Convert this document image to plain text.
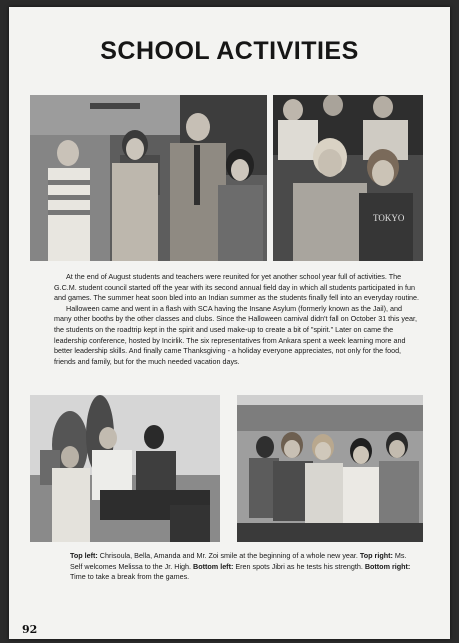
SCHOOL ACTIVITIES
TOKYO

At the end of August students and teachers were reunited for yet another school year full of activities. The G.C.M. student council started off the year with its second annual field day in which all students participated in fun and games. The summer heat soon bled into an Indian summer as the students finally fell into an everyday routine.

Halloween came and went in a flash with SCA having the Insane Asylum (formerly known as the Jail), and many other booths by the other classes and clubs. Since the Halloween carnival didn't fall on October 31 this year, the students on the roadtrip kept in the spirit and used make-up to create a bit of "spirit." Later on came the leadership conference, hosted by Incirlik. The six representatives from Ankara spent a week learning more and better leadership skills. And finally came Thanksgiving - a holiday everyone appreciates, not only for the food, friends and family, but for the much needed vacation days.

Top left: Chrisoula, Bella, Amanda and Mr. Zoi smile at the beginning of a whole new year. Top right: Ms. Self welcomes Melissa to the Jr. High. Bottom left: Eren spots Jibri as he tests his strength. Bottom right: Time to take a break from the games.
92
